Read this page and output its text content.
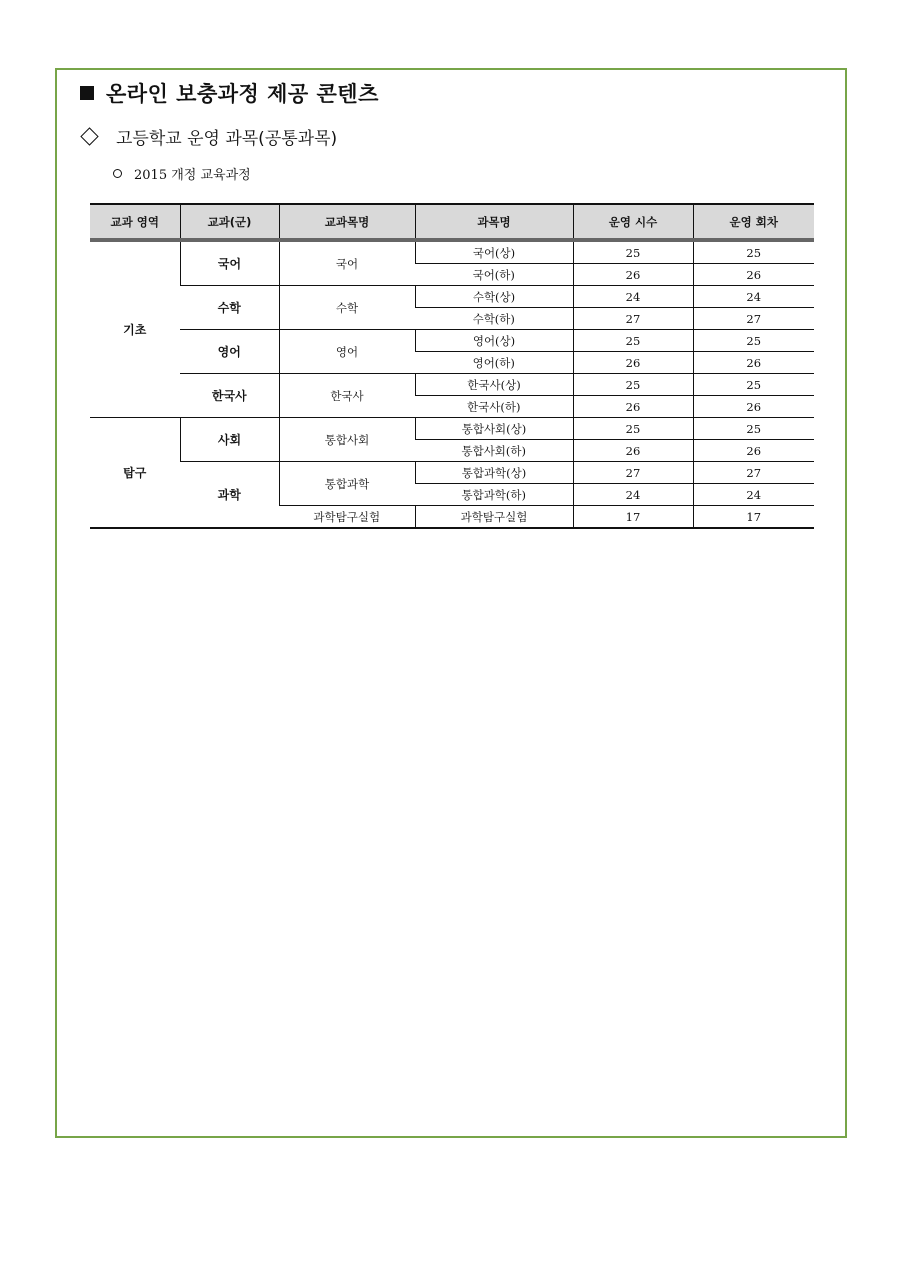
온라인 보충과정 제공 콘텐츠
고등학교 운영 과목(공통과목)
2015 개정 교육과정
교과 영역	교과(군)	교과목명	과목명	운영 시수	운영 회차
기초	국어	국어	국어(상)	25	25
			국어(하)	26	26
	수학	수학	수학(상)	24	24
			수학(하)	27	27
	영어	영어	영어(상)	25	25
			영어(하)	26	26
	한국사	한국사	한국사(상)	25	25
			한국사(하)	26	26
탐구	사회	통합사회	통합사회(상)	25	25
			통합사회(하)	26	26
	과학	통합과학	통합과학(상)	27	27
			통합과학(하)	24	24
		과학탐구실험	과학탐구실험	17	17
